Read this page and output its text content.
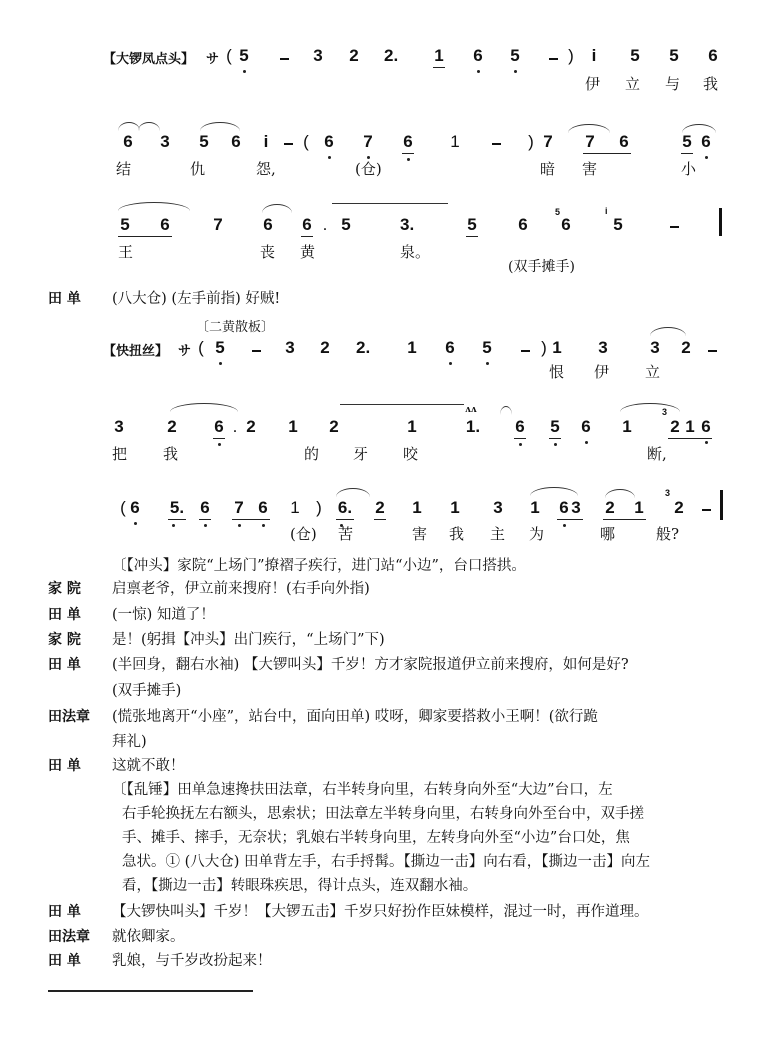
【大锣凤点头】 サ ( 5	3 2 2. 1 6 5	) i 5 5 6
伊 立 与 我
6 3 5 6 i ( 6 7 6 1	) 7 7 6	5 6
结	仇	怨,	(仓)	暗 害	小
5 6	7 6 6 . 5	3.	5 6
5
6
i
5
王	丧 黄	泉。
(双手摊手)
田 单 (八大仓) (左手前指) 好贼!
〔二黄散板〕
【快扭丝】 サ ( 5	3 2 2. 1 6 5	) 1 3	3 2
恨 伊 立
3	2 6 . 2 1 2	1
ʌʌ
1. 6 5 6 1
3
2 1 6
把 我	的 牙 咬	断,
( 6 5. 6 7 6 1 ) 6. 2 1 1 3 1 6 3 2 1
3
2
(仓) 苦	害 我 主 为	哪	般?
〔【冲头】家院“上场门”撩褶子疾行，进门站“小边”，台口搭拱。
家 院 启禀老爷，伊立前来搜府！(右手向外指)
田 单 (一惊) 知道了！
家 院 是！(躬揖【冲头】出门疾行，“上场门”下)
田 单 (半回身，翻右水袖) 【大锣叫头】千岁！方才家院报道伊立前来搜府，如何是好?
(双手摊手)
田法章 (慌张地离开“小座”，站台中，面向田单) 哎呀，卿家要搭救小王啊！(欲行跪
拜礼)
田 单 这就不敢！
〔【乱锤】田单急速搀扶田法章，右半转身向里，右转身向外至“大边”台口，左
右手轮换抚左右额头，思索状；田法章左半转身向里，右转身向外至台中，双手搓
手、摊手、摔手，无奈状；乳娘右半转身向里，左转身向外至“小边”台口处，焦
急状。① (八大仓) 田单背左手，右手捋髯。【撕边一击】向右看，【撕边一击】向左
看，【撕边一击】转眼珠疾思，得计点头，连双翻水袖。
田 单 【大锣快叫头】千岁！【大锣五击】千岁只好扮作臣妹模样，混过一时，再作道理。
田法章 就依卿家。
田 单 乳娘，与千岁改扮起来！
